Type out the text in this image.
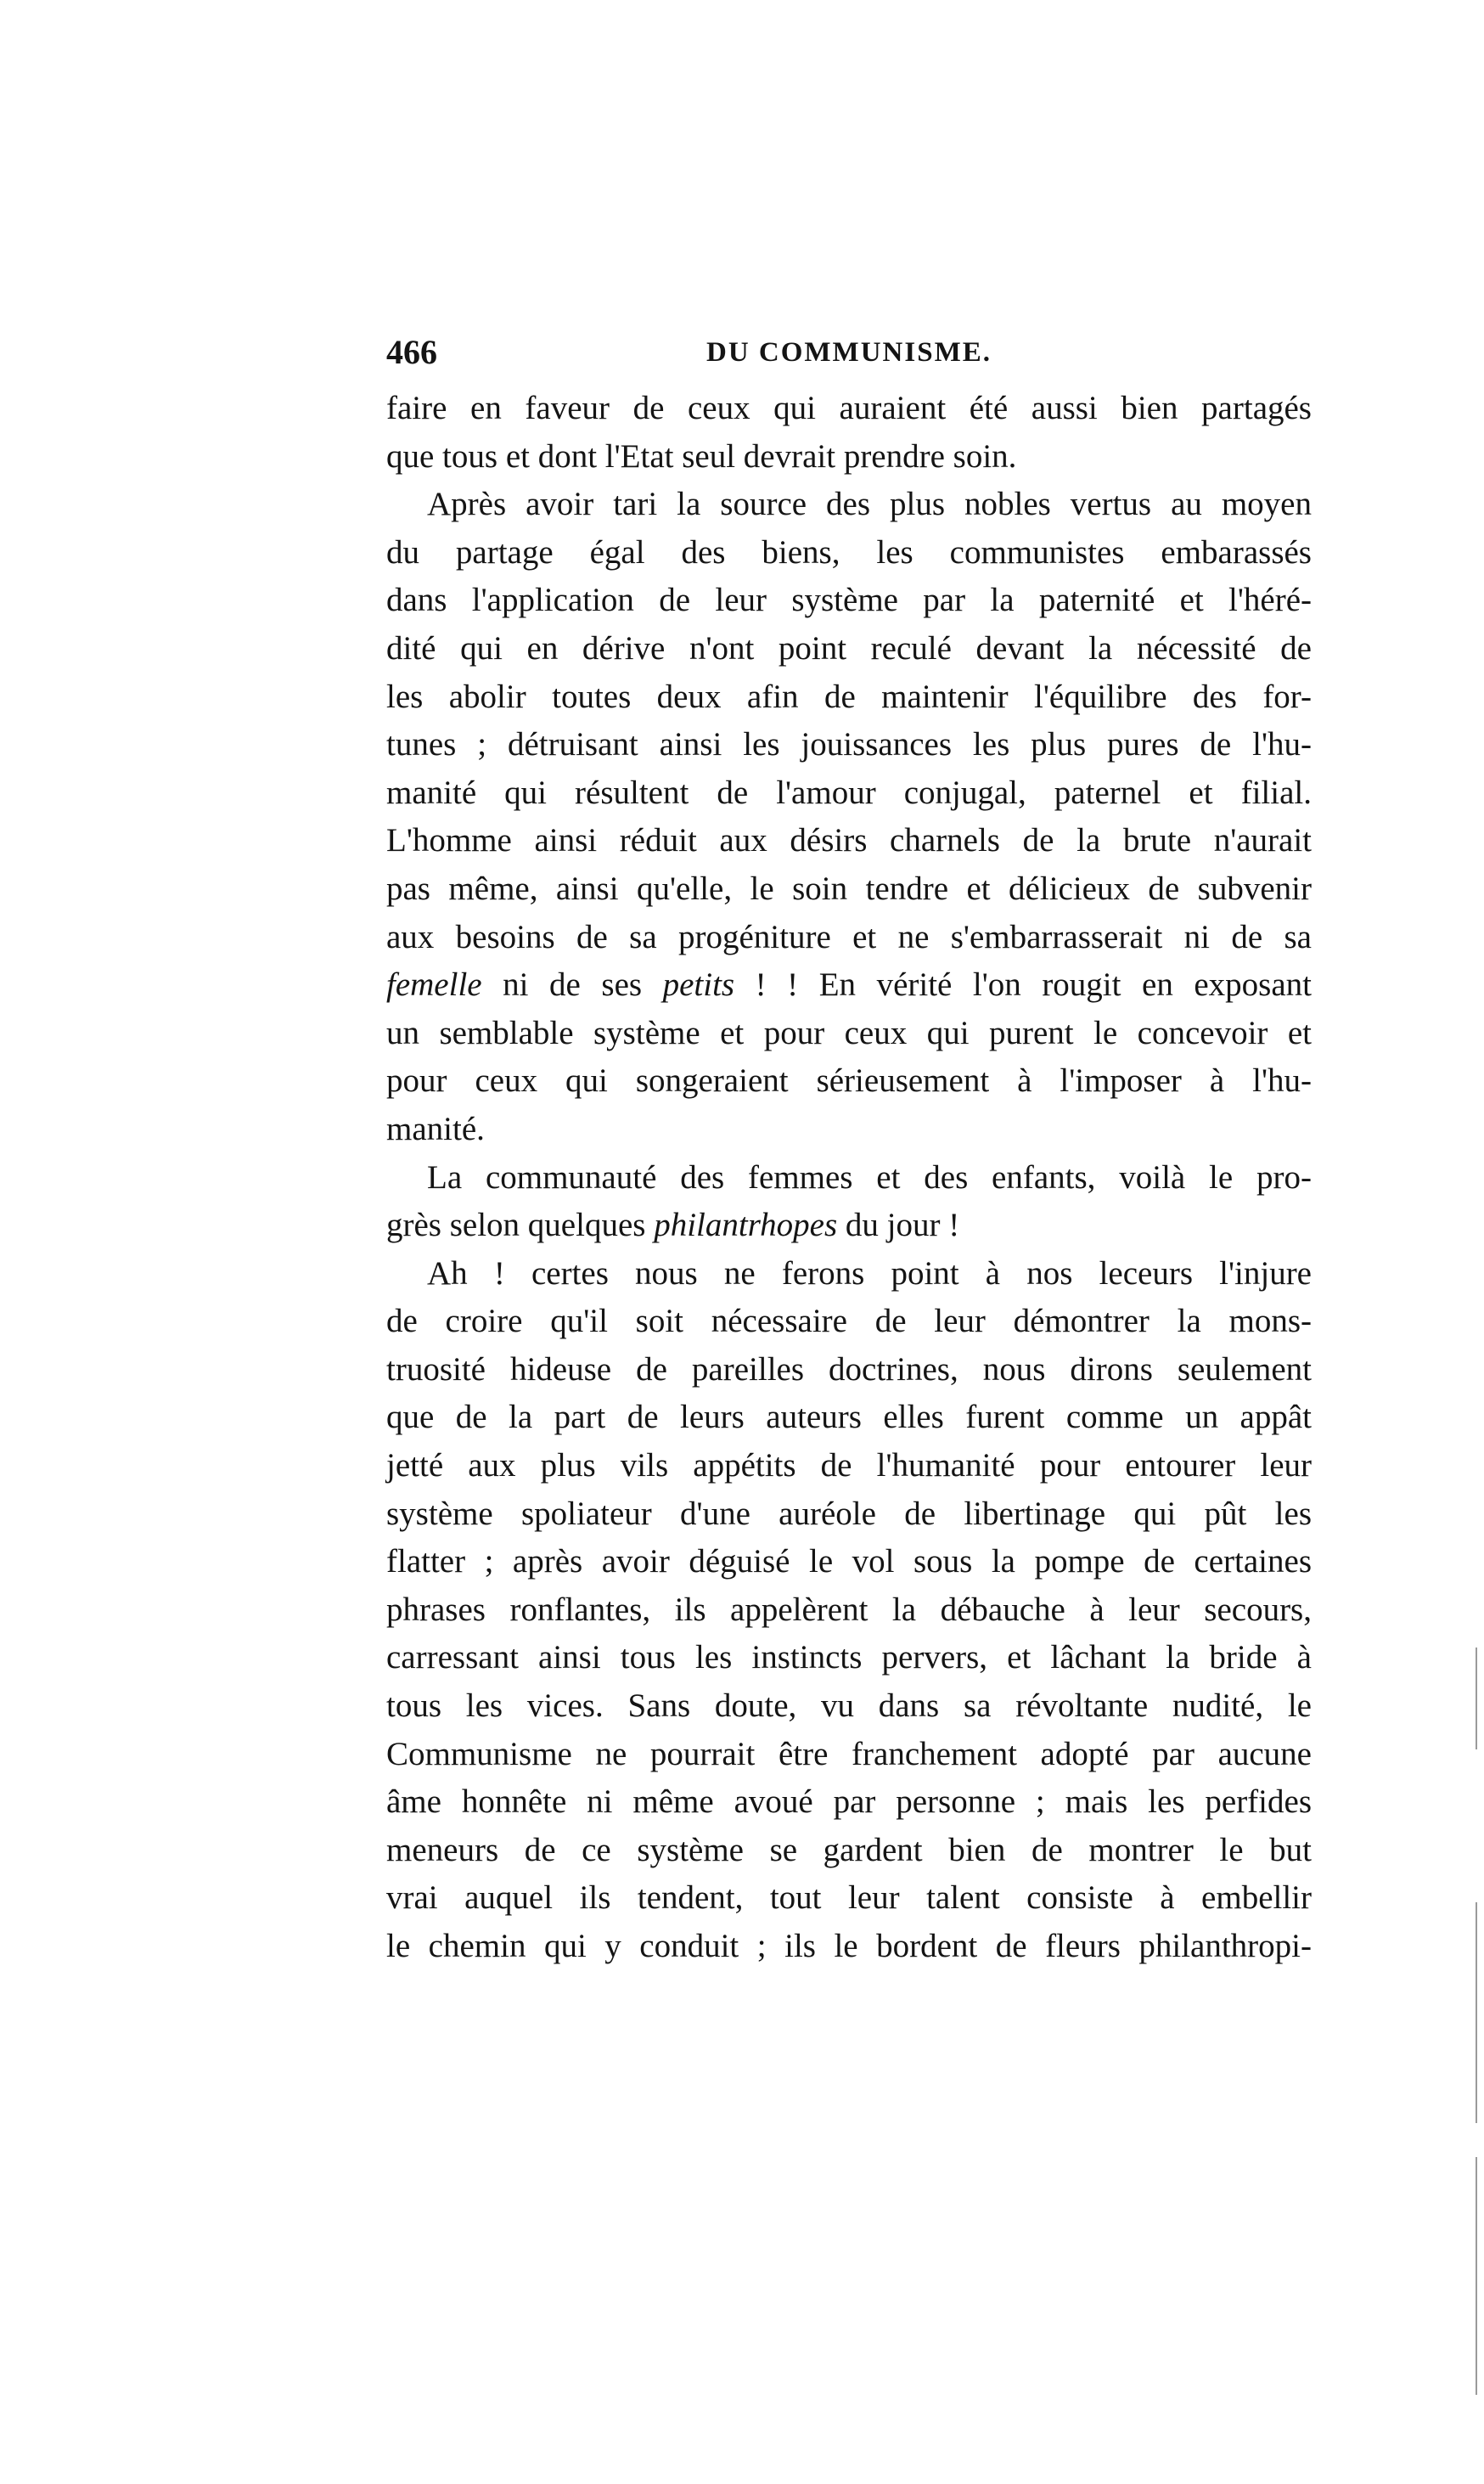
466	DU COMMUNISME.
faire en faveur de ceux qui auraient été aussi bien partagés
que tous et dont l'Etat seul devrait prendre soin.
Après avoir tari la source des plus nobles vertus au moyen
du partage égal des biens, les communistes embarassés
dans l'application de leur système par la paternité et l'héré-
dité qui en dérive n'ont point reculé devant la nécessité de
les abolir toutes deux afin de maintenir l'équilibre des for-
tunes ; détruisant ainsi les jouissances les plus pures de l'hu-
manité qui résultent de l'amour conjugal, paternel et filial.
L'homme ainsi réduit aux désirs charnels de la brute n'aurait
pas même, ainsi qu'elle, le soin tendre et délicieux de subvenir
aux besoins de sa progéniture et ne s'embarrasserait ni de sa
femelle ni de ses petits ! ! En vérité l'on rougit en exposant
un semblable système et pour ceux qui purent le concevoir et
pour ceux qui songeraient sérieusement à l'imposer à l'hu-
manité.
La communauté des femmes et des enfants, voilà le pro-
grès selon quelques philantrhopes du jour !
Ah ! certes nous ne ferons point à nos leceurs l'injure
de croire qu'il soit nécessaire de leur démontrer la mons-
truosité hideuse de pareilles doctrines, nous dirons seulement
que de la part de leurs auteurs elles furent comme un appât
jetté aux plus vils appétits de l'humanité pour entourer leur
système spoliateur d'une auréole de libertinage qui pût les
flatter ; après avoir déguisé le vol sous la pompe de certaines
phrases ronflantes, ils appelèrent la débauche à leur secours,
carressant ainsi tous les instincts pervers, et lâchant la bride à
tous les vices. Sans doute, vu dans sa révoltante nudité, le
Communisme ne pourrait être franchement adopté par aucune
âme honnête ni même avoué par personne ; mais les perfides
meneurs de ce système se gardent bien de montrer le but
vrai auquel ils tendent, tout leur talent consiste à embellir
le chemin qui y conduit ; ils le bordent de fleurs philanthropi-
